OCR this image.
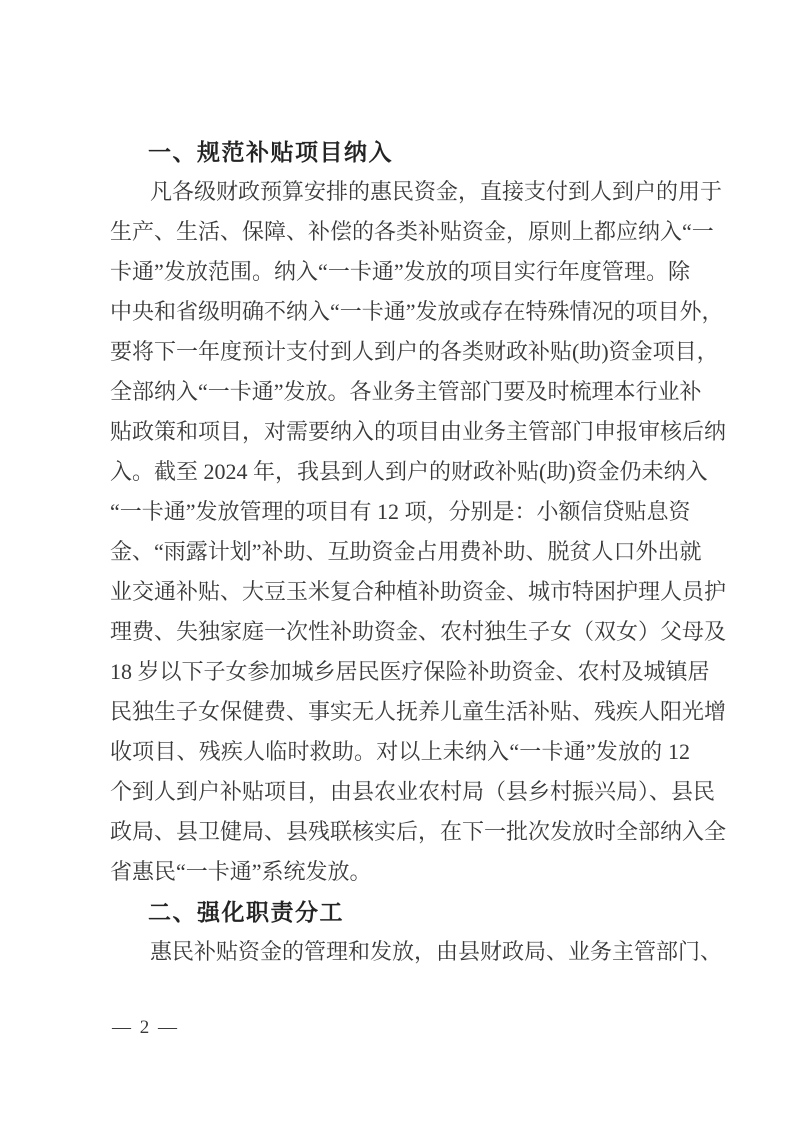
一、规范补贴项目纳入
凡各级财政预算安排的惠民资金，直接支付到人到户的用于
生产、生活、保障、补偿的各类补贴资金，原则上都应纳入“一
卡通”发放范围。纳入“一卡通”发放的项目实行年度管理。除
中央和省级明确不纳入“一卡通”发放或存在特殊情况的项目外，
要将下一年度预计支付到人到户的各类财政补贴(助)资金项目，
全部纳入“一卡通”发放。各业务主管部门要及时梳理本行业补
贴政策和项目，对需要纳入的项目由业务主管部门申报审核后纳
入。截至 2024 年，我县到人到户的财政补贴(助)资金仍未纳入
“一卡通”发放管理的项目有 12 项，分别是：小额信贷贴息资
金、“雨露计划”补助、互助资金占用费补助、脱贫人口外出就
业交通补贴、大豆玉米复合种植补助资金、城市特困护理人员护
理费、失独家庭一次性补助资金、农村独生子女（双女）父母及
18 岁以下子女参加城乡居民医疗保险补助资金、农村及城镇居
民独生子女保健费、事实无人抚养儿童生活补贴、残疾人阳光增
收项目、残疾人临时救助。对以上未纳入“一卡通”发放的 12
个到人到户补贴项目，由县农业农村局（县乡村振兴局）、县民
政局、县卫健局、县残联核实后，在下一批次发放时全部纳入全
省惠民“一卡通”系统发放。
二、强化职责分工
惠民补贴资金的管理和发放，由县财政局、业务主管部门、
— 2 —
